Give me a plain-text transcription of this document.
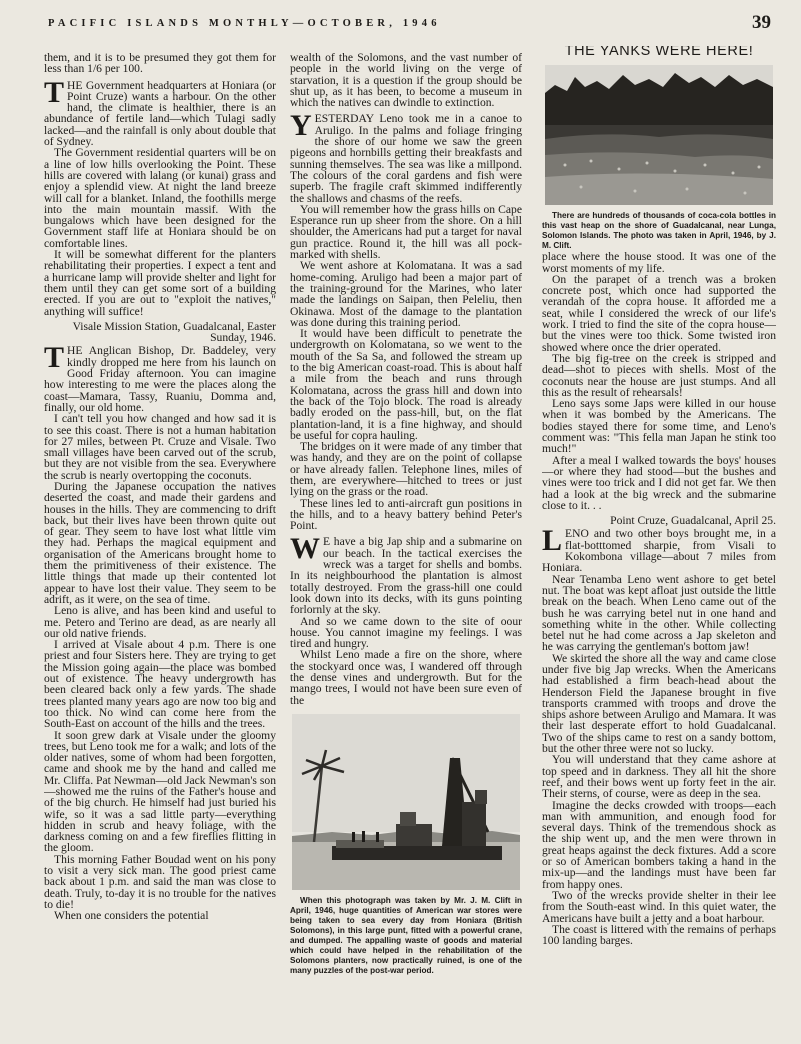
PACIFIC ISLANDS MONTHLY—OCTOBER, 1946	39

them, and it is to be presumed they got them for less than 1/6 per 100.

THE Government headquarters at Honiara (or Point Cruze) wants a harbour. On the other hand, the climate is healthier, there is an abundance of fertile land—which Tulagi sadly lacked—and the rainfall is only about double that of Sydney.

The Government residential quarters will be on a line of low hills overlooking the Point. These hills are covered with lalang (or kunai) grass and enjoy a splendid view. At night the land breeze will call for a blanket. Inland, the foothills merge into the main mountain massif. With the bungalows which have been designed for the Government staff life at Honiara should be on comfortable lines.

It will be somewhat different for the planters rehabilitating their properties. I expect a tent and a hurricane lamp will provide shelter and light for them until they can get some sort of a building erected. If you are out to "exploit the natives," anything will suffice!

Visale Mission Station, Guadalcanal, Easter Sunday, 1946.

THE Anglican Bishop, Dr. Baddeley, very kindly dropped me here from his launch on Good Friday afternoon. You can imagine how interesting to me were the places along the coast—Mamara, Tassy, Ruaniu, Domma and, finally, our old home.

I can't tell you how changed and how sad it is to see this coast. There is not a human habitation for 27 miles, between Pt. Cruze and Visale. Two small villages have been carved out of the scrub, but they are not visible from the sea. Everywhere the scrub is nearly overtopping the coconuts.

During the Japanese occupation the natives deserted the coast, and made their gardens and houses in the hills. They are commencing to drift back, but their lives have been thrown quite out of gear. They seem to have lost what little vim they had. Perhaps the magical equipment and organisation of the Americans brought home to them the primitiveness of their existence. The little things that made up their contented lot appear to have lost their value. They seem to be adrift, as it were, on the sea of time.

Leno is alive, and has been kind and useful to me. Petero and Terino are dead, as are nearly all our old native friends.

I arrived at Visale about 4 p.m. There is one priest and four Sisters here. They are trying to get the Mission going again—the place was bombed out of existence. The heavy undergrowth has been cleared back only a few yards. The shade trees planted many years ago are now too big and too thick. No wind can come here from the South-East on account of the hills and the trees.

It soon grew dark at Visale under the gloomy trees, but Leno took me for a walk; and lots of the older natives, some of whom had been forgotten, came and shook me by the hand and called me Mr. Cliffa. Pat Newman—old Jack Newman's son—showed me the ruins of the Father's house and of the big church. He himself had just buried his wife, so it was a sad little party—everything hidden in scrub and heavy foliage, with the darkness coming on and a few fireflies flitting in the gloom.

This morning Father Boudad went on his pony to visit a very sick man. The good priest came back about 1 p.m. and said the man was close to death. Truly, to-day it is no trouble for the natives to die!

When one considers the potential

wealth of the Solomons, and the vast number of people in the world living on the verge of starvation, it is a question if the group should be shut up, as it has been, to become a museum in which the natives can dwindle to extinction.

YESTERDAY Leno took me in a canoe to Aruligo. In the palms and foliage fringing the shore of our home we saw the green pigeons and hornbills getting their breakfasts and sunning themselves. The sea was like a millpond. The colours of the coral gardens and fish were superb. The fragile craft skimmed indifferently the shallows and chasms of the reefs.

You will remember how the grass hills on Cape Esperance run up sheer from the shore. On a hill shoulder, the Americans had put a target for naval gun practice. Round it, the hill was all pock-marked with shells.

We went ashore at Kolomatana. It was a sad home-coming. Aruligo had been a major part of the training-ground for the Marines, who later made the landings on Saipan, then Peleliu, then Okinawa. Most of the damage to the plantation was done during this training period.

It would have been difficult to penetrate the undergrowth on Kolomatana, so we went to the mouth of the Sa Sa, and followed the stream up to the big American coast-road. This is about half a mile from the beach and runs through Kolomatana, across the grass hill and down into the back of the Tojo block. The road is already badly eroded on the pass-hill, but, on the flat plantation-land, it is a fine highway, and should be useful for copra hauling.

The bridges on it were made of any timber that was handy, and they are on the point of collapse or have already fallen. Telephone lines, miles of them, are everywhere—hitched to trees or just lying on the grass or the road.

These lines led to anti-aircraft gun positions in the hills, and to a heavy battery behind Peter's Point.

W E have a big Jap ship and a submarine on our beach. In the tactical exercises the wreck was a target for shells and bombs. In its neighbourhood the plantation is almost totally destroyed. From the grass-hill one could look down into its decks, with its guns pointing forlornly at the sky.

And so we came down to the site of oour house. You cannot imagine my feelings. I was tired and hungry.

Whilst Leno made a fire on the shore, where the stockyard once was, I wandered off through the dense vines and undergrowth. But for the mango trees, I would not have been sure even of the

When this photograph was taken by Mr. J. M. Clift in April, 1946, huge quantities of American war stores were being taken to sea every day from Honiara (British Solomons), in this large punt, fitted with a powerful crane, and dumped. The appalling waste of goods and material which could have helped in the rehabilitation of the Solomons planters, now practically ruined, is one of the many puzzles of the post-war period.

THE YANKS WERE HERE!

There are hundreds of thousands of coca-cola bottles in this vast heap on the shore of Guadalcanal, near Lunga, Solomon Islands. The photo was taken in April, 1946, by J. M. Clift.

place where the house stood. It was one of the worst moments of my life.

On the parapet of a trench was a broken concrete post, which once had supported the verandah of the copra house. It afforded me a seat, while I considered the wreck of our life's work. I tried to find the site of the copra house—but the vines were too thick. Some twisted iron showed where once the drier operated.

The big fig-tree on the creek is stripped and dead—shot to pieces with shells. Most of the coconuts near the house are just stumps. And all this as the result of rehearsals!

Leno says some Japs were killed in our house when it was bombed by the Americans. The bodies stayed there for some time, and Leno's comment was: "This fella man Japan he stink too much!"

After a meal I walked towards the boys' houses—or where they had stood—but the bushes and vines were too trick and I did not get far. We then had a look at the big wreck and the submarine close to it. . .

Point Cruze, Guadalcanal, April 25.

LENO and two other boys brought me, in a flat-botttomed sharpie, from Visali to Kokombona village—about 7 miles from Honiara.

Near Tenamba Leno went ashore to get betel nut. The boat was kept afloat just outside the little break on the beach. When Leno came out of the bush he was carrying betel nut in one hand and something white in the other. While collecting betel nut he had come across a Jap skeleton and he was carrying the gentleman's bottom jaw!

We skirted the shore all the way and came close under five big Jap wrecks. When the Americans had established a firm beach-head about the Henderson Field the Japanese brought in five transports crammed with troops and drove the ships ashore between Aruligo and Mamara. It was their last desperate effort to hold Guadalcanal. Two of the ships came to rest on a sandy bottom, but the other three were not so lucky.

You will understand that they came ashore at top speed and in darkness. They all hit the shore reef, and their bows went up forty feet in the air. Their sterns, of course, were as deep in the sea.

Imagine the decks crowded with troops—each man with ammunition, and enough food for several days. Think of the tremendous shock as the ship went up, and the men were thrown in great heaps against the deck fixtures. Add a score or so of American bombers taking a hand in the mix-up—and the landings must have been far from happy ones.

Two of the wrecks provide shelter in their lee from the South-east wind. In this quiet water, the Americans have built a jetty and a boat harbour.

The coast is littered with the remains of perhaps 100 landing barges.
